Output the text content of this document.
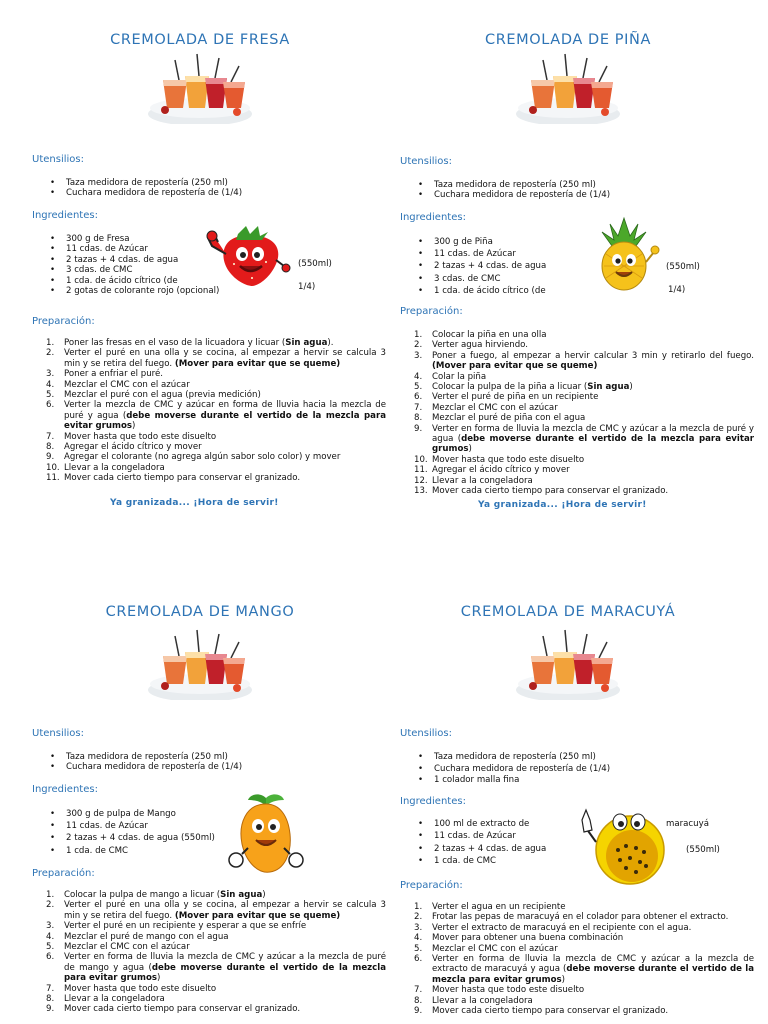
CREMOLADA DE FRESA

Utensilios:

• Taza medidora de repostería (250 ml)
• Cuchara medidora de repostería de (1/4)

Ingredientes:

• 300 g de Fresa
• 11 cdas. de Azúcar
• 2 tazas + 4 cdas. de agua
• 3 cdas. de CMC
• 1 cda. de ácido cítrico (de
• 2 gotas de colorante rojo (opcional)
(550ml)
1/4)

Preparación:

1.	Poner las fresas en el vaso de la licuadora y licuar (Sin agua).
2.	Verter el puré en una olla y se cocina, al empezar a hervir se calcula 3 min y se retira del fuego. (Mover para evitar que se queme)
3.	Poner a enfriar el puré.
4.	Mezclar el CMC con el azúcar
5.	Mezclar el puré con el agua (previa medición)
6.	Verter la mezcla de CMC y azúcar en forma de lluvia hacia la mezcla de puré y agua (debe moverse durante el vertido de la mezcla para evitar grumos)
7.	Mover hasta que todo este disuelto
8.	Agregar el ácido cítrico y mover
9.	Agregar el colorante (no agrega algún sabor solo color) y mover
10. Llevar a la congeladora
11. Mover cada cierto tiempo para conservar el granizado.
Ya granizada... ¡Hora de servir!
CREMOLADA DE PIÑA

Utensilios:

• Taza medidora de repostería (250 ml)
• Cuchara medidora de repostería de (1/4)

Ingredientes:

• 300 g de Piña
• 11 cdas. de Azúcar
• 2 tazas + 4 cdas. de agua
• 3 cdas. de CMC
• 1 cda. de ácido cítrico (de
(550ml)
1/4)

Preparación:

1.	Colocar la piña en una olla
2.	Verter agua hirviendo.
3.	Poner a fuego, al empezar a hervir calcular 3 min y retirarlo del fuego. (Mover para evitar que se queme)
4.	Colar la piña
5.	Colocar la pulpa de la piña a licuar (Sin agua)
6.	Verter el puré de piña en un recipiente
7.	Mezclar el CMC con el azúcar
8.	Mezclar el puré de piña con el agua
9.	Verter en forma de lluvia la mezcla de CMC y azúcar a la mezcla de puré y agua (debe moverse durante el vertido de la mezcla para evitar grumos)
10. Mover hasta que todo este disuelto
11. Agregar el ácido cítrico y mover
12. Llevar a la congeladora
13. Mover cada cierto tiempo para conservar el granizado.
Ya granizada... ¡Hora de servir!
CREMOLADA DE MANGO

Utensilios:

• Taza medidora de repostería (250 ml)
• Cuchara medidora de repostería de (1/4)

Ingredientes:

• 300 g de pulpa de Mango
• 11 cdas. de Azúcar
• 2 tazas + 4 cdas. de agua (550ml)
• 1 cda. de CMC

Preparación:

1.	Colocar la pulpa de mango a licuar (Sin agua)
2.	Verter el puré en una olla y se cocina, al empezar a hervir se calcula 3 min y se retira del fuego. (Mover para evitar que se queme)
3.	Verter el puré en un recipiente y esperar a que se enfríe
4.	Mezclar el puré de mango con el agua
5.	Mezclar el CMC con el azúcar
6.	Verter en forma de lluvia la mezcla de CMC y azúcar a la mezcla de puré de mango y agua (debe moverse durante el vertido de la mezcla para evitar grumos)
7.	Mover hasta que todo este disuelto
8.	Llevar a la congeladora
9.	Mover cada cierto tiempo para conservar el granizado.
CREMOLADA DE MARACUYÁ

Utensilios:

• Taza medidora de repostería (250 ml)
• Cuchara medidora de repostería de (1/4)
• 1 colador malla fina

Ingredientes:

• 100 ml de extracto de
• 11 cdas. de Azúcar
• 2 tazas + 4 cdas. de agua
• 1 cda. de CMC
maracuyá
(550ml)

Preparación:

1.	Verter el agua en un recipiente
2.	Frotar las pepas de maracuyá en el colador para obtener el extracto.
3.	Verter el extracto de maracuyá en el recipiente con el agua.
4.	Mover para obtener una buena combinación
5.	Mezclar el CMC con el azúcar
6.	Verter en forma de lluvia la mezcla de CMC y azúcar a la mezcla de extracto de maracuyá y agua (debe moverse durante el vertido de la mezcla para evitar grumos)
7.	Mover hasta que todo este disuelto
8.	Llevar a la congeladora
9.	Mover cada cierto tiempo para conservar el granizado.
